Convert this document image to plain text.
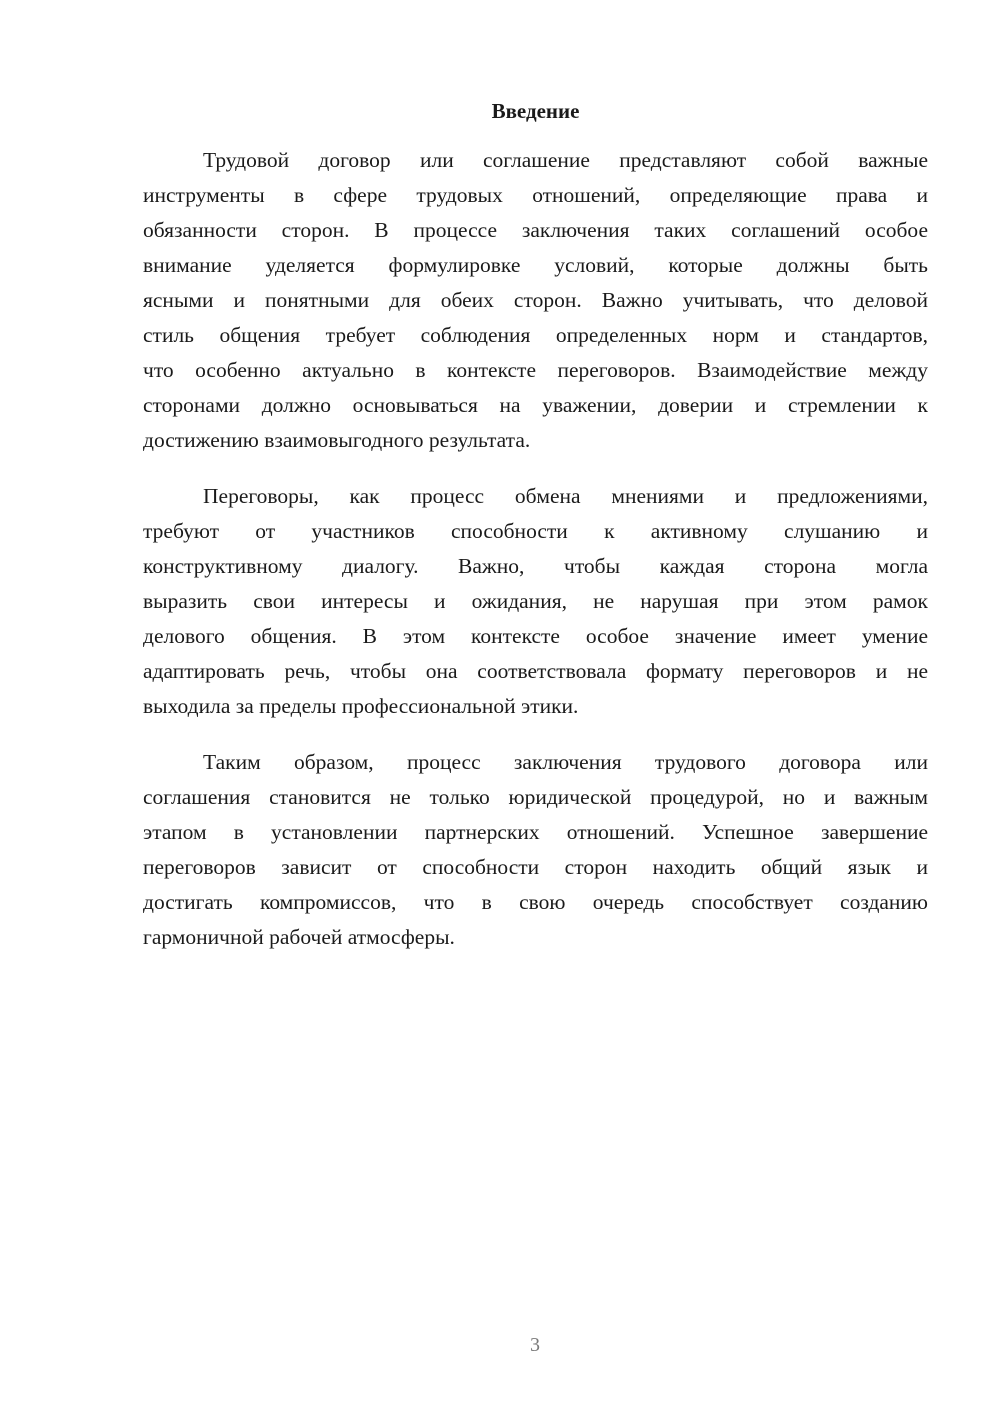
Введение
Трудовой договор или соглашение представляют собой важные
инструменты в сфере трудовых отношений, определяющие права и
обязанности сторон. В процессе заключения таких соглашений особое
внимание уделяется формулировке условий, которые должны быть
ясными и понятными для обеих сторон. Важно учитывать, что деловой
стиль общения требует соблюдения определенных норм и стандартов,
что особенно актуально в контексте переговоров. Взаимодействие между
сторонами должно основываться на уважении, доверии и стремлении к
достижению взаимовыгодного результата.
Переговоры, как процесс обмена мнениями и предложениями,
требуют от участников способности к активному слушанию и
конструктивному диалогу. Важно, чтобы каждая сторона могла
выразить свои интересы и ожидания, не нарушая при этом рамок
делового общения. В этом контексте особое значение имеет умение
адаптировать речь, чтобы она соответствовала формату переговоров и не
выходила за пределы профессиональной этики.
Таким образом, процесс заключения трудового договора или
соглашения становится не только юридической процедурой, но и важным
этапом в установлении партнерских отношений. Успешное завершение
переговоров зависит от способности сторон находить общий язык и
достигать компромиссов, что в свою очередь способствует созданию
гармоничной рабочей атмосферы.
3
